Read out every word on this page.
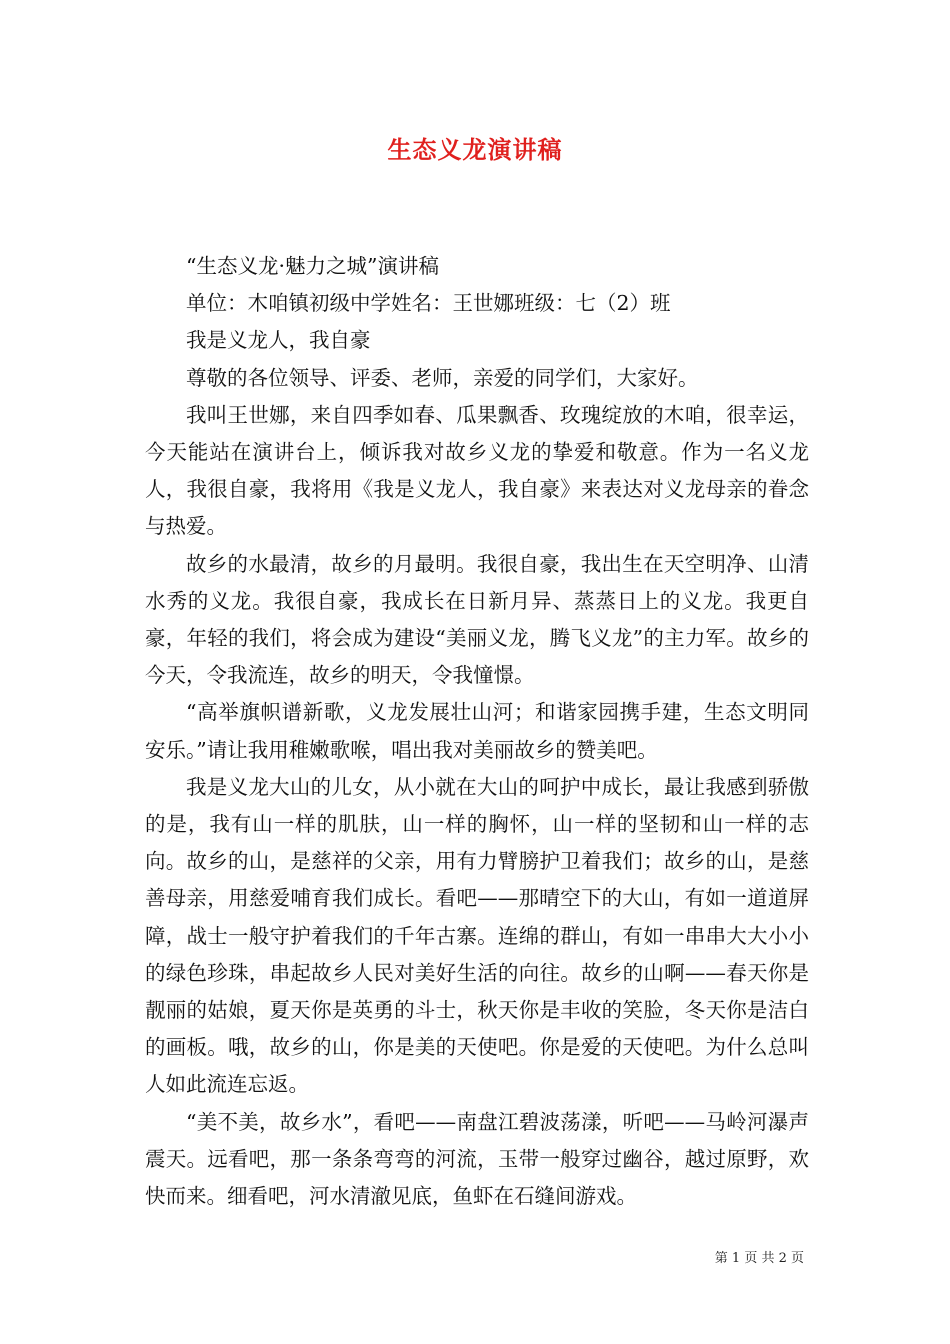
生态义龙演讲稿

“生态义龙·魅力之城”演讲稿

单位：木咱镇初级中学姓名：王世娜班级：七（2）班

我是义龙人，我自豪

尊敬的各位领导、评委、老师，亲爱的同学们，大家好。

我叫王世娜，来自四季如春、瓜果飘香、玫瑰绽放的木咱，很幸运，今天能站在演讲台上，倾诉我对故乡义龙的挚爱和敬意。作为一名义龙人，我很自豪，我将用《我是义龙人，我自豪》来表达对义龙母亲的眷念与热爱。

故乡的水最清，故乡的月最明。我很自豪，我出生在天空明净、山清水秀的义龙。我很自豪，我成长在日新月异、蒸蒸日上的义龙。我更自豪，年轻的我们，将会成为建设“美丽义龙，腾飞义龙”的主力军。故乡的今天，令我流连，故乡的明天，令我憧憬。

“高举旗帜谱新歌，义龙发展壮山河；和谐家园携手建，生态文明同安乐。”请让我用稚嫩歌喉，唱出我对美丽故乡的赞美吧。

我是义龙大山的儿女，从小就在大山的呵护中成长，最让我感到骄傲的是，我有山一样的肌肤，山一样的胸怀，山一样的坚韧和山一样的志向。故乡的山，是慈祥的父亲，用有力臂膀护卫着我们；故乡的山，是慈善母亲，用慈爱哺育我们成长。看吧——那晴空下的大山，有如一道道屏障，战士一般守护着我们的千年古寨。连绵的群山，有如一串串大大小小的绿色珍珠，串起故乡人民对美好生活的向往。故乡的山啊——春天你是靓丽的姑娘，夏天你是英勇的斗士，秋天你是丰收的笑脸，冬天你是洁白的画板。哦，故乡的山，你是美的天使吧。你是爱的天使吧。为什么总叫人如此流连忘返。

“美不美，故乡水”，看吧——南盘江碧波荡漾，听吧——马岭河瀑声震天。远看吧，那一条条弯弯的河流，玉带一般穿过幽谷，越过原野，欢快而来。细看吧，河水清澈见底，鱼虾在石缝间游戏。

第 1 页 共 2 页
